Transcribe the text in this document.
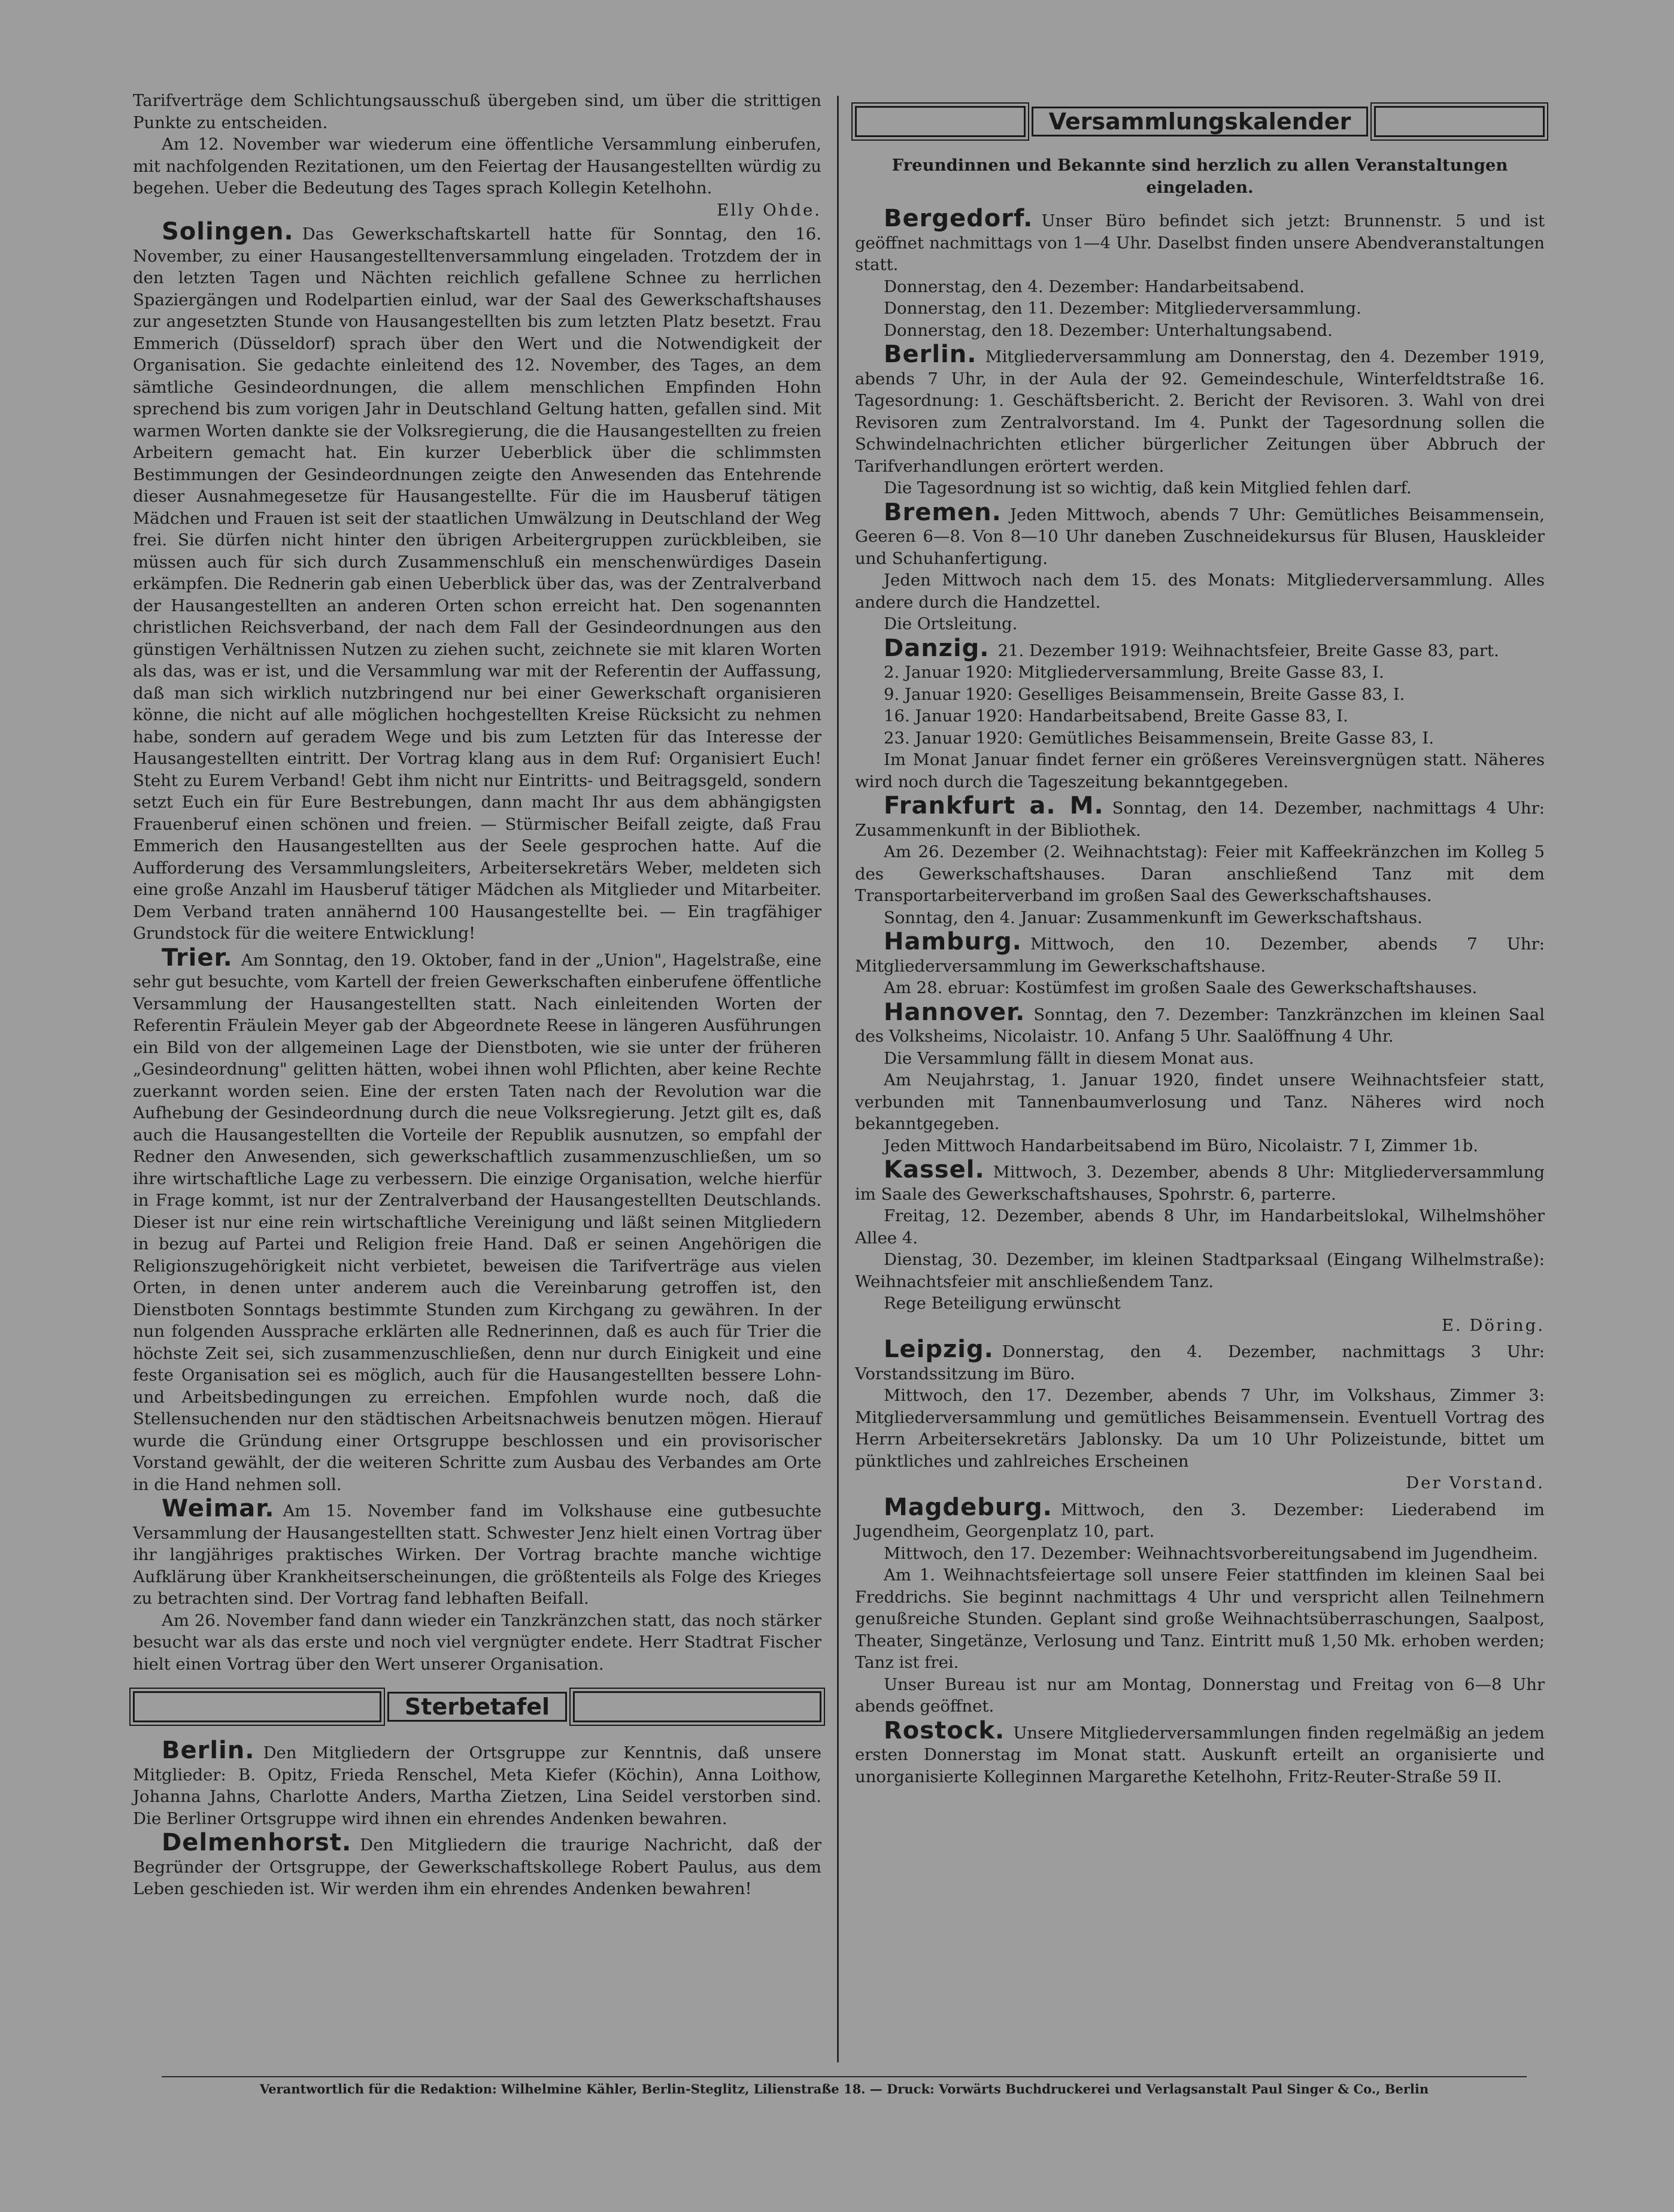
Tarifverträge dem Schlichtungsausschuß übergeben sind, um über die strittigen Punkte zu entscheiden.

Am 12. November war wiederum eine öffentliche Versammlung einberufen, mit nachfolgenden Rezitationen, um den Feiertag der Hausangestellten würdig zu begehen. Ueber die Bedeutung des Tages sprach Kollegin Ketelhohn.

Elly Ohde.

Solingen. Das Gewerkschaftskartell hatte für Sonntag, den 16. November, zu einer Hausangestelltenversammlung eingeladen. Trotzdem der in den letzten Tagen und Nächten reichlich gefallene Schnee zu herrlichen Spaziergängen und Rodelpartien einlud, war der Saal des Gewerkschaftshauses zur angesetzten Stunde von Hausangestellten bis zum letzten Platz besetzt. Frau Emmerich (Düsseldorf) sprach über den Wert und die Notwendigkeit der Organisation. Sie gedachte einleitend des 12. November, des Tages, an dem sämtliche Gesindeordnungen, die allem menschlichen Empfinden Hohn sprechend bis zum vorigen Jahr in Deutschland Geltung hatten, gefallen sind. Mit warmen Worten dankte sie der Volksregierung, die die Hausangestellten zu freien Arbeitern gemacht hat. Ein kurzer Ueberblick über die schlimmsten Bestimmungen der Gesindeordnungen zeigte den Anwesenden das Entehrende dieser Ausnahmegesetze für Hausangestellte. Für die im Hausberuf tätigen Mädchen und Frauen ist seit der staatlichen Umwälzung in Deutschland der Weg frei. Sie dürfen nicht hinter den übrigen Arbeitergruppen zurückbleiben, sie müssen auch für sich durch Zusammenschluß ein menschenwürdiges Dasein erkämpfen. Die Rednerin gab einen Ueberblick über das, was der Zentralverband der Hausangestellten an anderen Orten schon erreicht hat. Den sogenannten christlichen Reichsverband, der nach dem Fall der Gesindeordnungen aus den günstigen Verhältnissen Nutzen zu ziehen sucht, zeichnete sie mit klaren Worten als das, was er ist, und die Versammlung war mit der Referentin der Auffassung, daß man sich wirklich nutzbringend nur bei einer Gewerkschaft organisieren könne, die nicht auf alle möglichen hochgestellten Kreise Rücksicht zu nehmen habe, sondern auf geradem Wege und bis zum Letzten für das Interesse der Hausangestellten eintritt. Der Vortrag klang aus in dem Ruf: Organisiert Euch! Steht zu Eurem Verband! Gebt ihm nicht nur Eintritts- und Beitragsgeld, sondern setzt Euch ein für Eure Bestrebungen, dann macht Ihr aus dem abhängigsten Frauenberuf einen schönen und freien. — Stürmischer Beifall zeigte, daß Frau Emmerich den Hausangestellten aus der Seele gesprochen hatte. Auf die Aufforderung des Versammlungsleiters, Arbeitersekretärs Weber, meldeten sich eine große Anzahl im Hausberuf tätiger Mädchen als Mitglieder und Mitarbeiter. Dem Verband traten annähernd 100 Hausangestellte bei. — Ein tragfähiger Grundstock für die weitere Entwicklung!

Trier. Am Sonntag, den 19. Oktober, fand in der „Union", Hagelstraße, eine sehr gut besuchte, vom Kartell der freien Gewerkschaften einberufene öffentliche Versammlung der Hausangestellten statt. Nach einleitenden Worten der Referentin Fräulein Meyer gab der Abgeordnete Reese in längeren Ausführungen ein Bild von der allgemeinen Lage der Dienstboten, wie sie unter der früheren „Gesindeordnung" gelitten hätten, wobei ihnen wohl Pflichten, aber keine Rechte zuerkannt worden seien. Eine der ersten Taten nach der Revolution war die Aufhebung der Gesindeordnung durch die neue Volksregierung. Jetzt gilt es, daß auch die Hausangestellten die Vorteile der Republik ausnutzen, so empfahl der Redner den Anwesenden, sich gewerkschaftlich zusammenzuschließen, um so ihre wirtschaftliche Lage zu verbessern. Die einzige Organisation, welche hierfür in Frage kommt, ist nur der Zentralverband der Hausangestellten Deutschlands. Dieser ist nur eine rein wirtschaftliche Vereinigung und läßt seinen Mitgliedern in bezug auf Partei und Religion freie Hand. Daß er seinen Angehörigen die Religionszugehörigkeit nicht verbietet, beweisen die Tarifverträge aus vielen Orten, in denen unter anderem auch die Vereinbarung getroffen ist, den Dienstboten Sonntags bestimmte Stunden zum Kirchgang zu gewähren. In der nun folgenden Aussprache erklärten alle Rednerinnen, daß es auch für Trier die höchste Zeit sei, sich zusammenzuschließen, denn nur durch Einigkeit und eine feste Organisation sei es möglich, auch für die Hausangestellten bessere Lohn- und Arbeitsbedingungen zu erreichen. Empfohlen wurde noch, daß die Stellensuchenden nur den städtischen Arbeitsnachweis benutzen mögen. Hierauf wurde die Gründung einer Ortsgruppe beschlossen und ein provisorischer Vorstand gewählt, der die weiteren Schritte zum Ausbau des Verbandes am Orte in die Hand nehmen soll.

Weimar. Am 15. November fand im Volkshause eine gutbesuchte Versammlung der Hausangestellten statt. Schwester Jenz hielt einen Vortrag über ihr langjähriges praktisches Wirken. Der Vortrag brachte manche wichtige Aufklärung über Krankheitserscheinungen, die größtenteils als Folge des Krieges zu betrachten sind. Der Vortrag fand lebhaften Beifall.

Am 26. November fand dann wieder ein Tanzkränzchen statt, das noch stärker besucht war als das erste und noch viel vergnügter endete. Herr Stadtrat Fischer hielt einen Vortrag über den Wert unserer Organisation.

Sterbetafel

Berlin. Den Mitgliedern der Ortsgruppe zur Kenntnis, daß unsere Mitglieder: B. Opitz, Frieda Renschel, Meta Kiefer (Köchin), Anna Loithow, Johanna Jahns, Charlotte Anders, Martha Zietzen, Lina Seidel verstorben sind. Die Berliner Ortsgruppe wird ihnen ein ehrendes Andenken bewahren.

Delmenhorst. Den Mitgliedern die traurige Nachricht, daß der Begründer der Ortsgruppe, der Gewerkschaftskollege Robert Paulus, aus dem Leben geschieden ist. Wir werden ihm ein ehrendes Andenken bewahren!

Versammlungskalender

Freundinnen und Bekannte sind herzlich zu allen Veranstaltungen eingeladen.

Bergedorf. Unser Büro befindet sich jetzt: Brunnenstr. 5 und ist geöffnet nachmittags von 1—4 Uhr. Daselbst finden unsere Abendveranstaltungen statt.

Donnerstag, den 4. Dezember: Handarbeitsabend.

Donnerstag, den 11. Dezember: Mitgliederversammlung.

Donnerstag, den 18. Dezember: Unterhaltungsabend.

Berlin. Mitgliederversammlung am Donnerstag, den 4. Dezember 1919, abends 7 Uhr, in der Aula der 92. Gemeindeschule, Winterfeldtstraße 16. Tagesordnung: 1. Geschäftsbericht. 2. Bericht der Revisoren. 3. Wahl von drei Revisoren zum Zentralvorstand. Im 4. Punkt der Tagesordnung sollen die Schwindelnachrichten etlicher bürgerlicher Zeitungen über Abbruch der Tarifverhandlungen erörtert werden.

Die Tagesordnung ist so wichtig, daß kein Mitglied fehlen darf.

Bremen. Jeden Mittwoch, abends 7 Uhr: Gemütliches Beisammensein, Geeren 6—8. Von 8—10 Uhr daneben Zuschneidekursus für Blusen, Hauskleider und Schuhanfertigung.

Jeden Mittwoch nach dem 15. des Monats: Mitgliederversammlung. Alles andere durch die Handzettel.

Die Ortsleitung.

Danzig. 21. Dezember 1919: Weihnachtsfeier, Breite Gasse 83, part.

2. Januar 1920: Mitgliederversammlung, Breite Gasse 83, I.

9. Januar 1920: Geselliges Beisammensein, Breite Gasse 83, I.

16. Januar 1920: Handarbeitsabend, Breite Gasse 83, I.

23. Januar 1920: Gemütliches Beisammensein, Breite Gasse 83, I.

Im Monat Januar findet ferner ein größeres Vereinsvergnügen statt. Näheres wird noch durch die Tageszeitung bekanntgegeben.

Frankfurt a. M. Sonntag, den 14. Dezember, nachmittags 4 Uhr: Zusammenkunft in der Bibliothek.

Am 26. Dezember (2. Weihnachtstag): Feier mit Kaffeekränzchen im Kolleg 5 des Gewerkschaftshauses. Daran anschließend Tanz mit dem Transportarbeiterverband im großen Saal des Gewerkschaftshauses.

Sonntag, den 4. Januar: Zusammenkunft im Gewerkschaftshaus.

Hamburg. Mittwoch, den 10. Dezember, abends 7 Uhr: Mitgliederversammlung im Gewerkschaftshause.

Am 28. ebruar: Kostümfest im großen Saale des Gewerkschaftshauses.

Hannover. Sonntag, den 7. Dezember: Tanzkränzchen im kleinen Saal des Volksheims, Nicolaistr. 10. Anfang 5 Uhr. Saalöffnung 4 Uhr.

Die Versammlung fällt in diesem Monat aus.

Am Neujahrstag, 1. Januar 1920, findet unsere Weihnachtsfeier statt, verbunden mit Tannenbaumverlosung und Tanz. Näheres wird noch bekanntgegeben.

Jeden Mittwoch Handarbeitsabend im Büro, Nicolaistr. 7 I, Zimmer 1b.

Kassel. Mittwoch, 3. Dezember, abends 8 Uhr: Mitgliederversammlung im Saale des Gewerkschaftshauses, Spohrstr. 6, parterre.

Freitag, 12. Dezember, abends 8 Uhr, im Handarbeitslokal, Wilhelmshöher Allee 4.

Dienstag, 30. Dezember, im kleinen Stadtparksaal (Eingang Wilhelmstraße): Weihnachtsfeier mit anschließendem Tanz.

Rege Beteiligung erwünscht

E. Döring.

Leipzig. Donnerstag, den 4. Dezember, nachmittags 3 Uhr: Vorstandssitzung im Büro.

Mittwoch, den 17. Dezember, abends 7 Uhr, im Volkshaus, Zimmer 3: Mitgliederversammlung und gemütliches Beisammensein. Eventuell Vortrag des Herrn Arbeitersekretärs Jablonsky. Da um 10 Uhr Polizeistunde, bittet um pünktliches und zahlreiches Erscheinen

Der Vorstand.

Magdeburg. Mittwoch, den 3. Dezember: Liederabend im Jugendheim, Georgenplatz 10, part.

Mittwoch, den 17. Dezember: Weihnachtsvorbereitungsabend im Jugendheim.

Am 1. Weihnachtsfeiertage soll unsere Feier stattfinden im kleinen Saal bei Freddrichs. Sie beginnt nachmittags 4 Uhr und verspricht allen Teilnehmern genußreiche Stunden. Geplant sind große Weihnachtsüberraschungen, Saalpost, Theater, Singetänze, Verlosung und Tanz. Eintritt muß 1,50 Mk. erhoben werden; Tanz ist frei.

Unser Bureau ist nur am Montag, Donnerstag und Freitag von 6—8 Uhr abends geöffnet.

Rostock. Unsere Mitgliederversammlungen finden regelmäßig an jedem ersten Donnerstag im Monat statt. Auskunft erteilt an organisierte und unorganisierte Kolleginnen Margarethe Ketelhohn, Fritz-Reuter-Straße 59 II.

Verantwortlich für die Redaktion: Wilhelmine Kähler, Berlin-Steglitz, Lilienstraße 18. — Druck: Vorwärts Buchdruckerei und Verlagsanstalt Paul Singer & Co., Berlin
